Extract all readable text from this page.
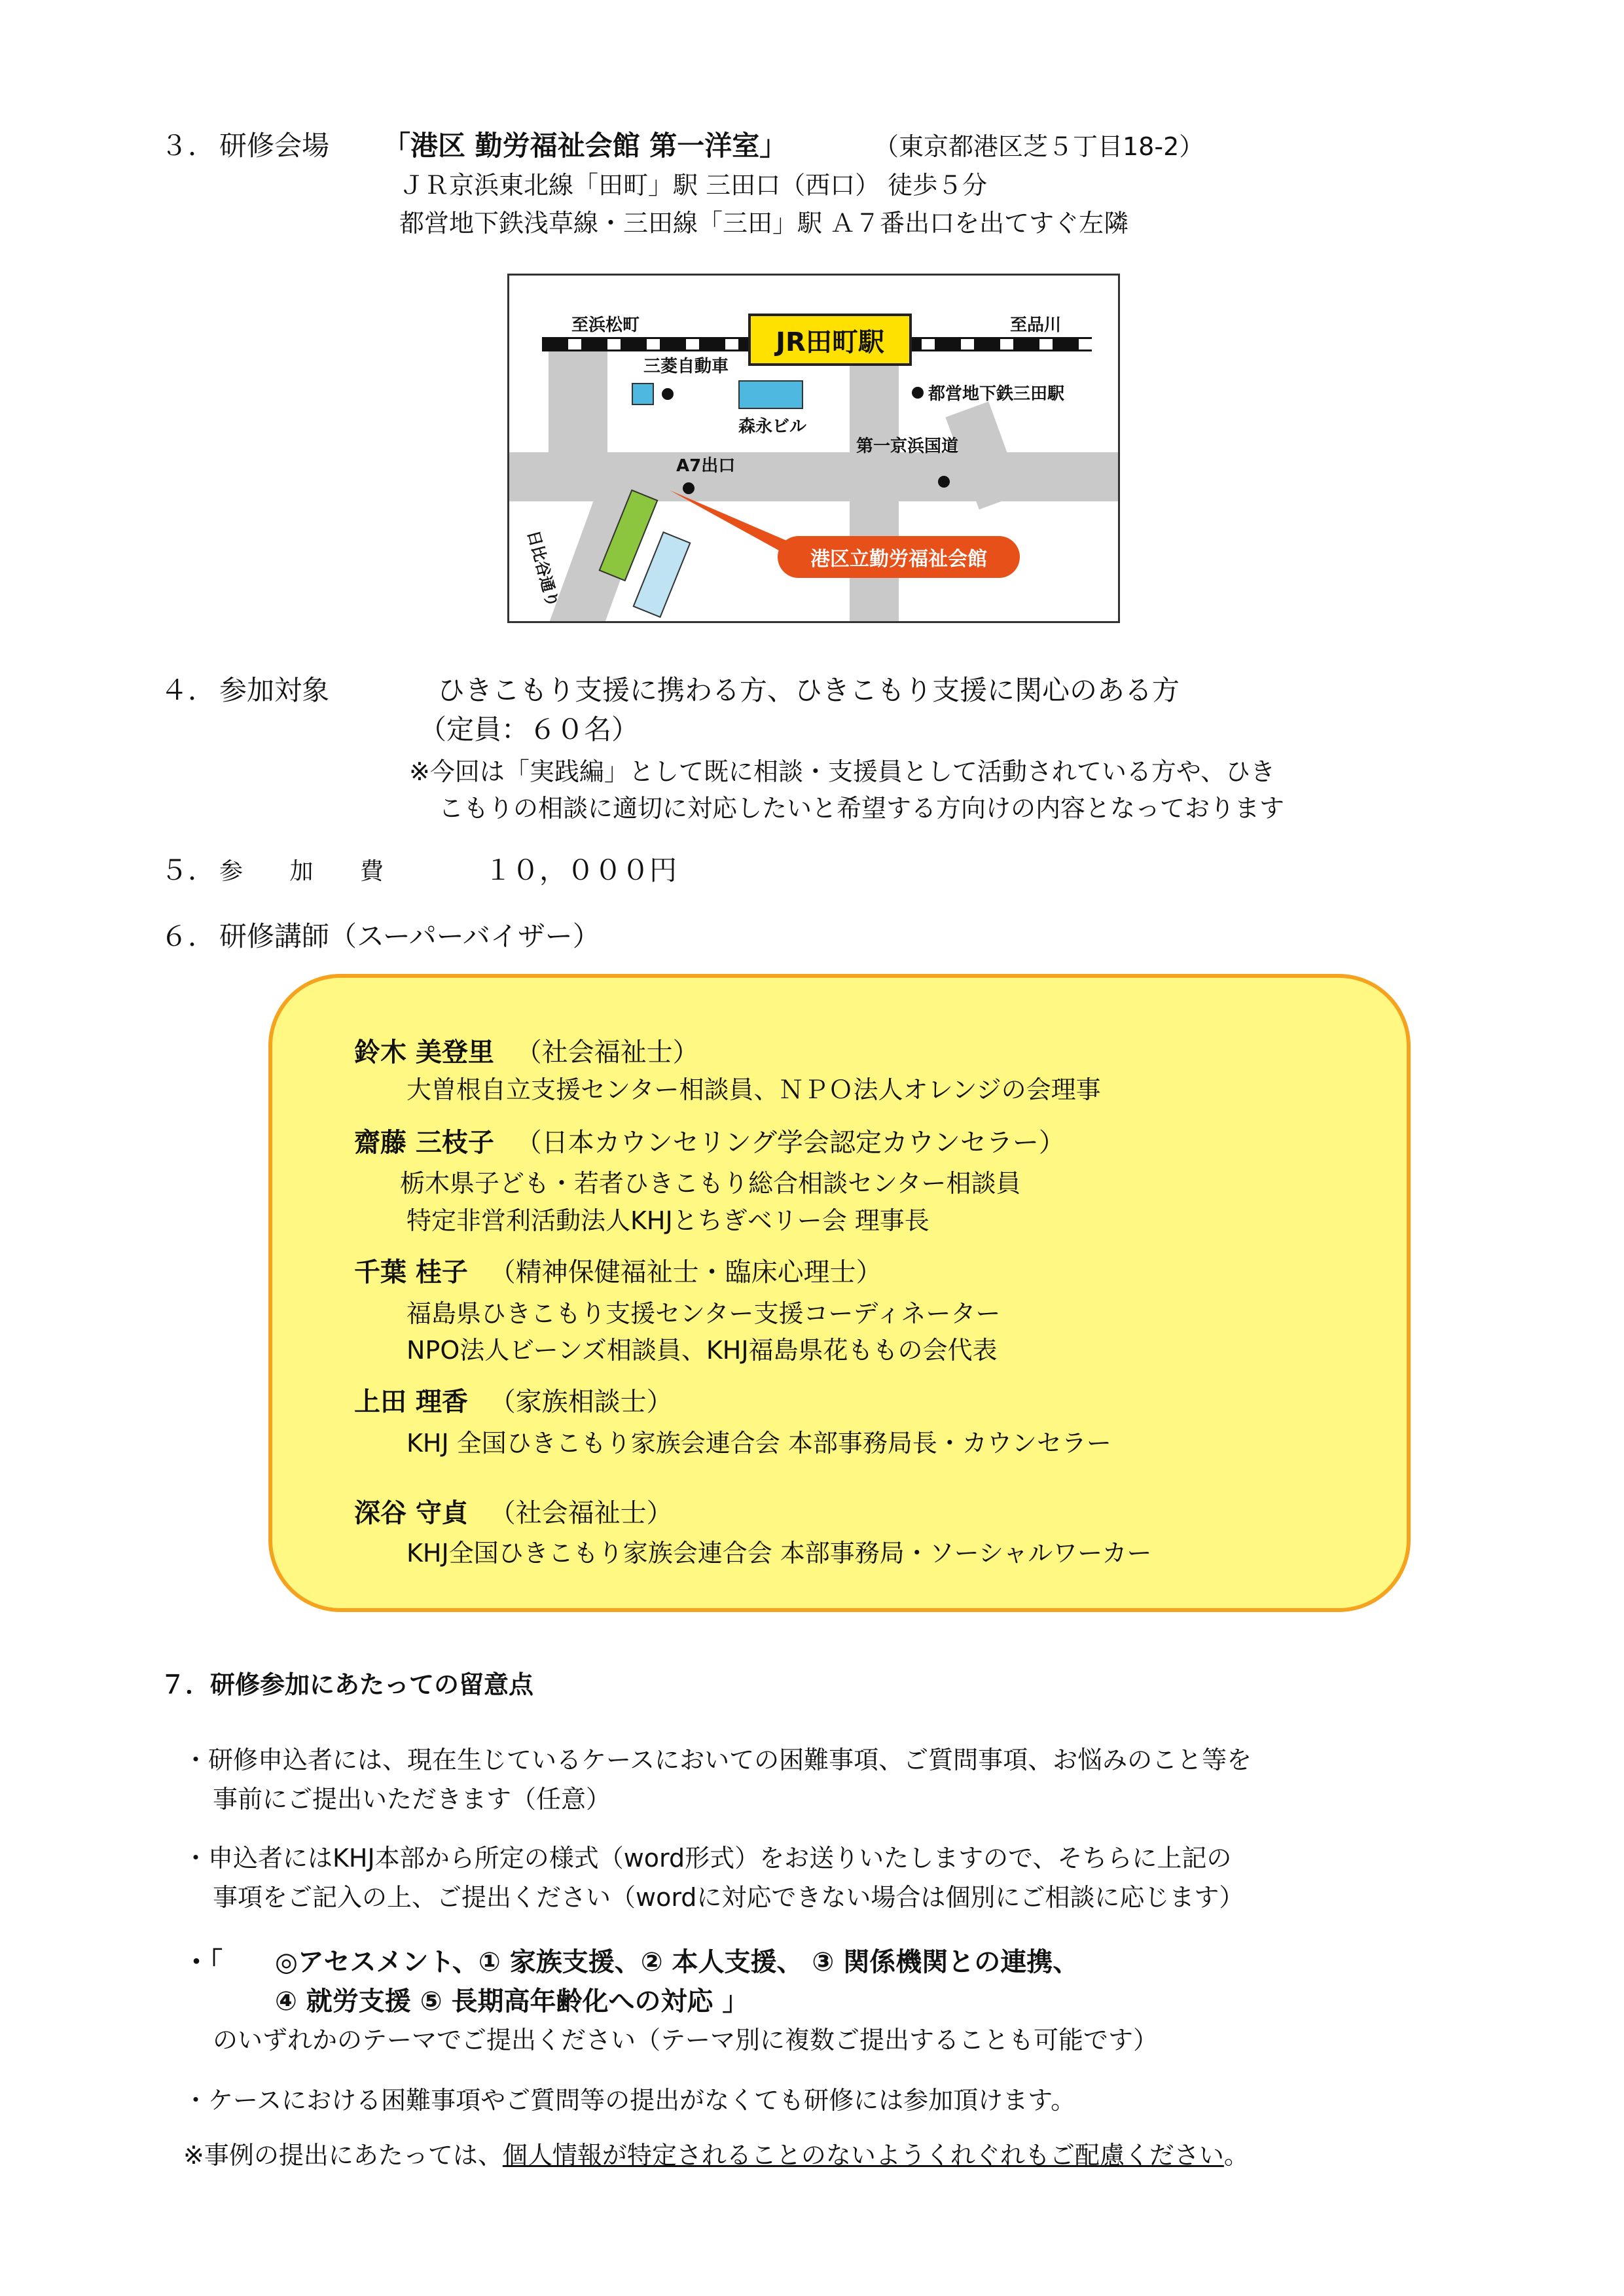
３． 研修会場 「港区 勤労福祉会館 第一洋室」	（東京都港区芝５丁目18-2）
ＪＲ京浜東北線「田町」駅 三田口（西口） 徒歩５分
都営地下鉄浅草線・三田線「三田」駅 Ａ７番出口を出てすぐ左隣
JR田町駅
至浜松町	至品川
三菱自動車
森永ビル
都営地下鉄三田駅
第一京浜国道
A7出口
日比谷通り	港区立勤労福祉会館
４． 参加対象	ひきこもり支援に携わる方、ひきこもり支援に関心のある方
（定員：６０名）
※今回は「実践編」として既に相談・支援員として活動されている方や、ひき
こもりの相談に適切に対応したいと希望する方向けの内容となっております
５． 参 加 費	１０，０００円
６． 研修講師（スーパーバイザー）
鈴木 美登里 （社会福祉士）
大曽根自立支援センター相談員、ＮＰＯ法人オレンジの会理事
齋藤 三枝子 （日本カウンセリング学会認定カウンセラー）
栃木県子ども・若者ひきこもり総合相談センター相談員
特定非営利活動法人KHJとちぎベリー会 理事長
千葉 桂子 （精神保健福祉士・臨床心理士）
福島県ひきこもり支援センター支援コーディネーター
NPO法人ビーンズ相談員、KHJ福島県花ももの会代表
上田 理香 （家族相談士）
KHJ 全国ひきこもり家族会連合会 本部事務局長・カウンセラー
深谷 守貞 （社会福祉士）
KHJ全国ひきこもり家族会連合会 本部事務局・ソーシャルワーカー
７．研修参加にあたっての留意点
・研修申込者には、現在生じているケースにおいての困難事項、ご質問事項、お悩みのこと等を
事前にご提出いただきます（任意）
・申込者にはKHJ本部から所定の様式（word形式）をお送りいたしますので、そちらに上記の
事項をご記入の上、ご提出ください（wordに対応できない場合は個別にご相談に応じます）
・「 ◎アセスメント、① 家族支援、② 本人支援、 ③ 関係機関との連携、
④ 就労支援 ⑤ 長期高年齢化への対応 」
のいずれかのテーマでご提出ください（テーマ別に複数ご提出することも可能です）
・ケースにおける困難事項やご質問等の提出がなくても研修には参加頂けます。
※事例の提出にあたっては、個人情報が特定されることのないようくれぐれもご配慮ください。
